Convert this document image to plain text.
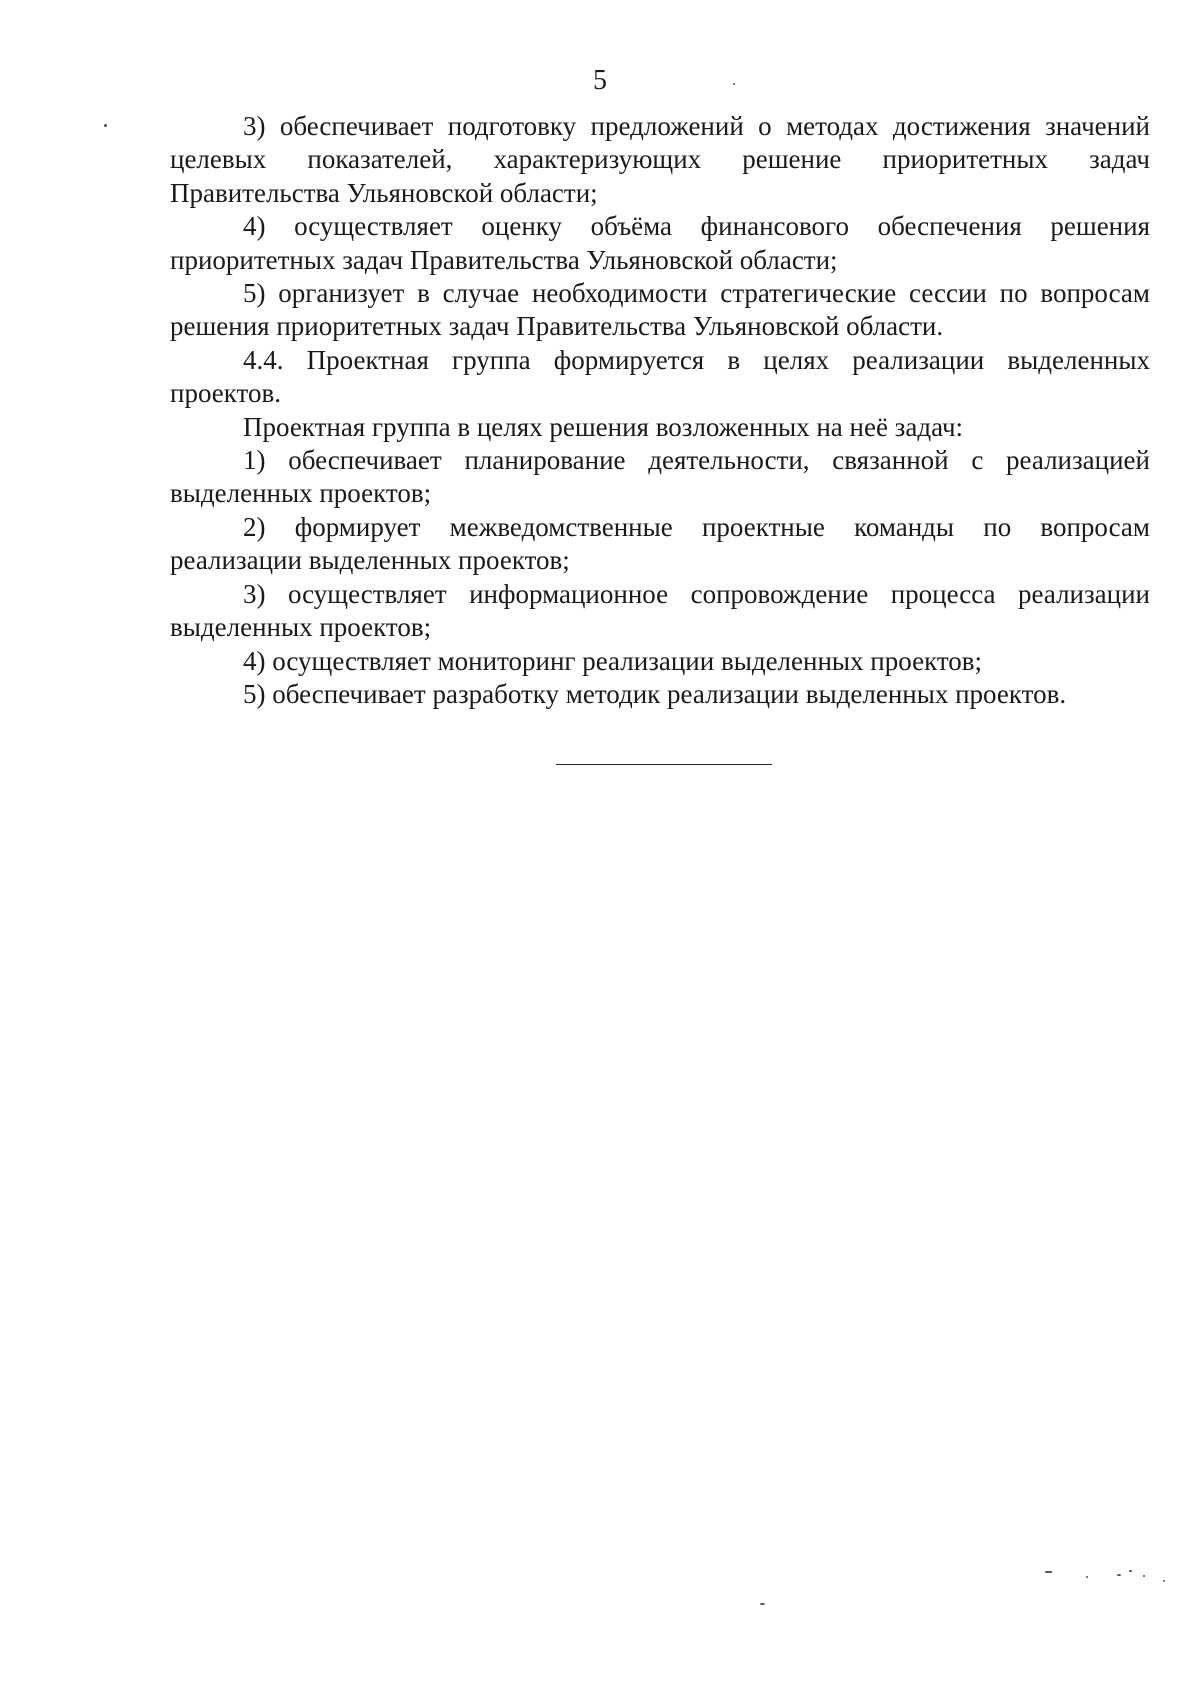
5

3) обеспечивает подготовку предложений о методах достижения значений целевых показателей, характеризующих решение приоритетных задач Правительства Ульяновской области;

4) осуществляет оценку объёма финансового обеспечения решения приоритетных задач Правительства Ульяновской области;

5) организует в случае необходимости стратегические сессии по вопросам решения приоритетных задач Правительства Ульяновской области.

4.4. Проектная группа формируется в целях реализации выделенных проектов.

Проектная группа в целях решения возложенных на неё задач:

1) обеспечивает планирование деятельности, связанной с реализацией выделенных проектов;

2) формирует межведомственные проектные команды по вопросам реализации выделенных проектов;

3) осуществляет информационное сопровождение процесса реализации выделенных проектов;

4) осуществляет мониторинг реализации выделенных проектов;

5) обеспечивает разработку методик реализации выделенных проектов.
